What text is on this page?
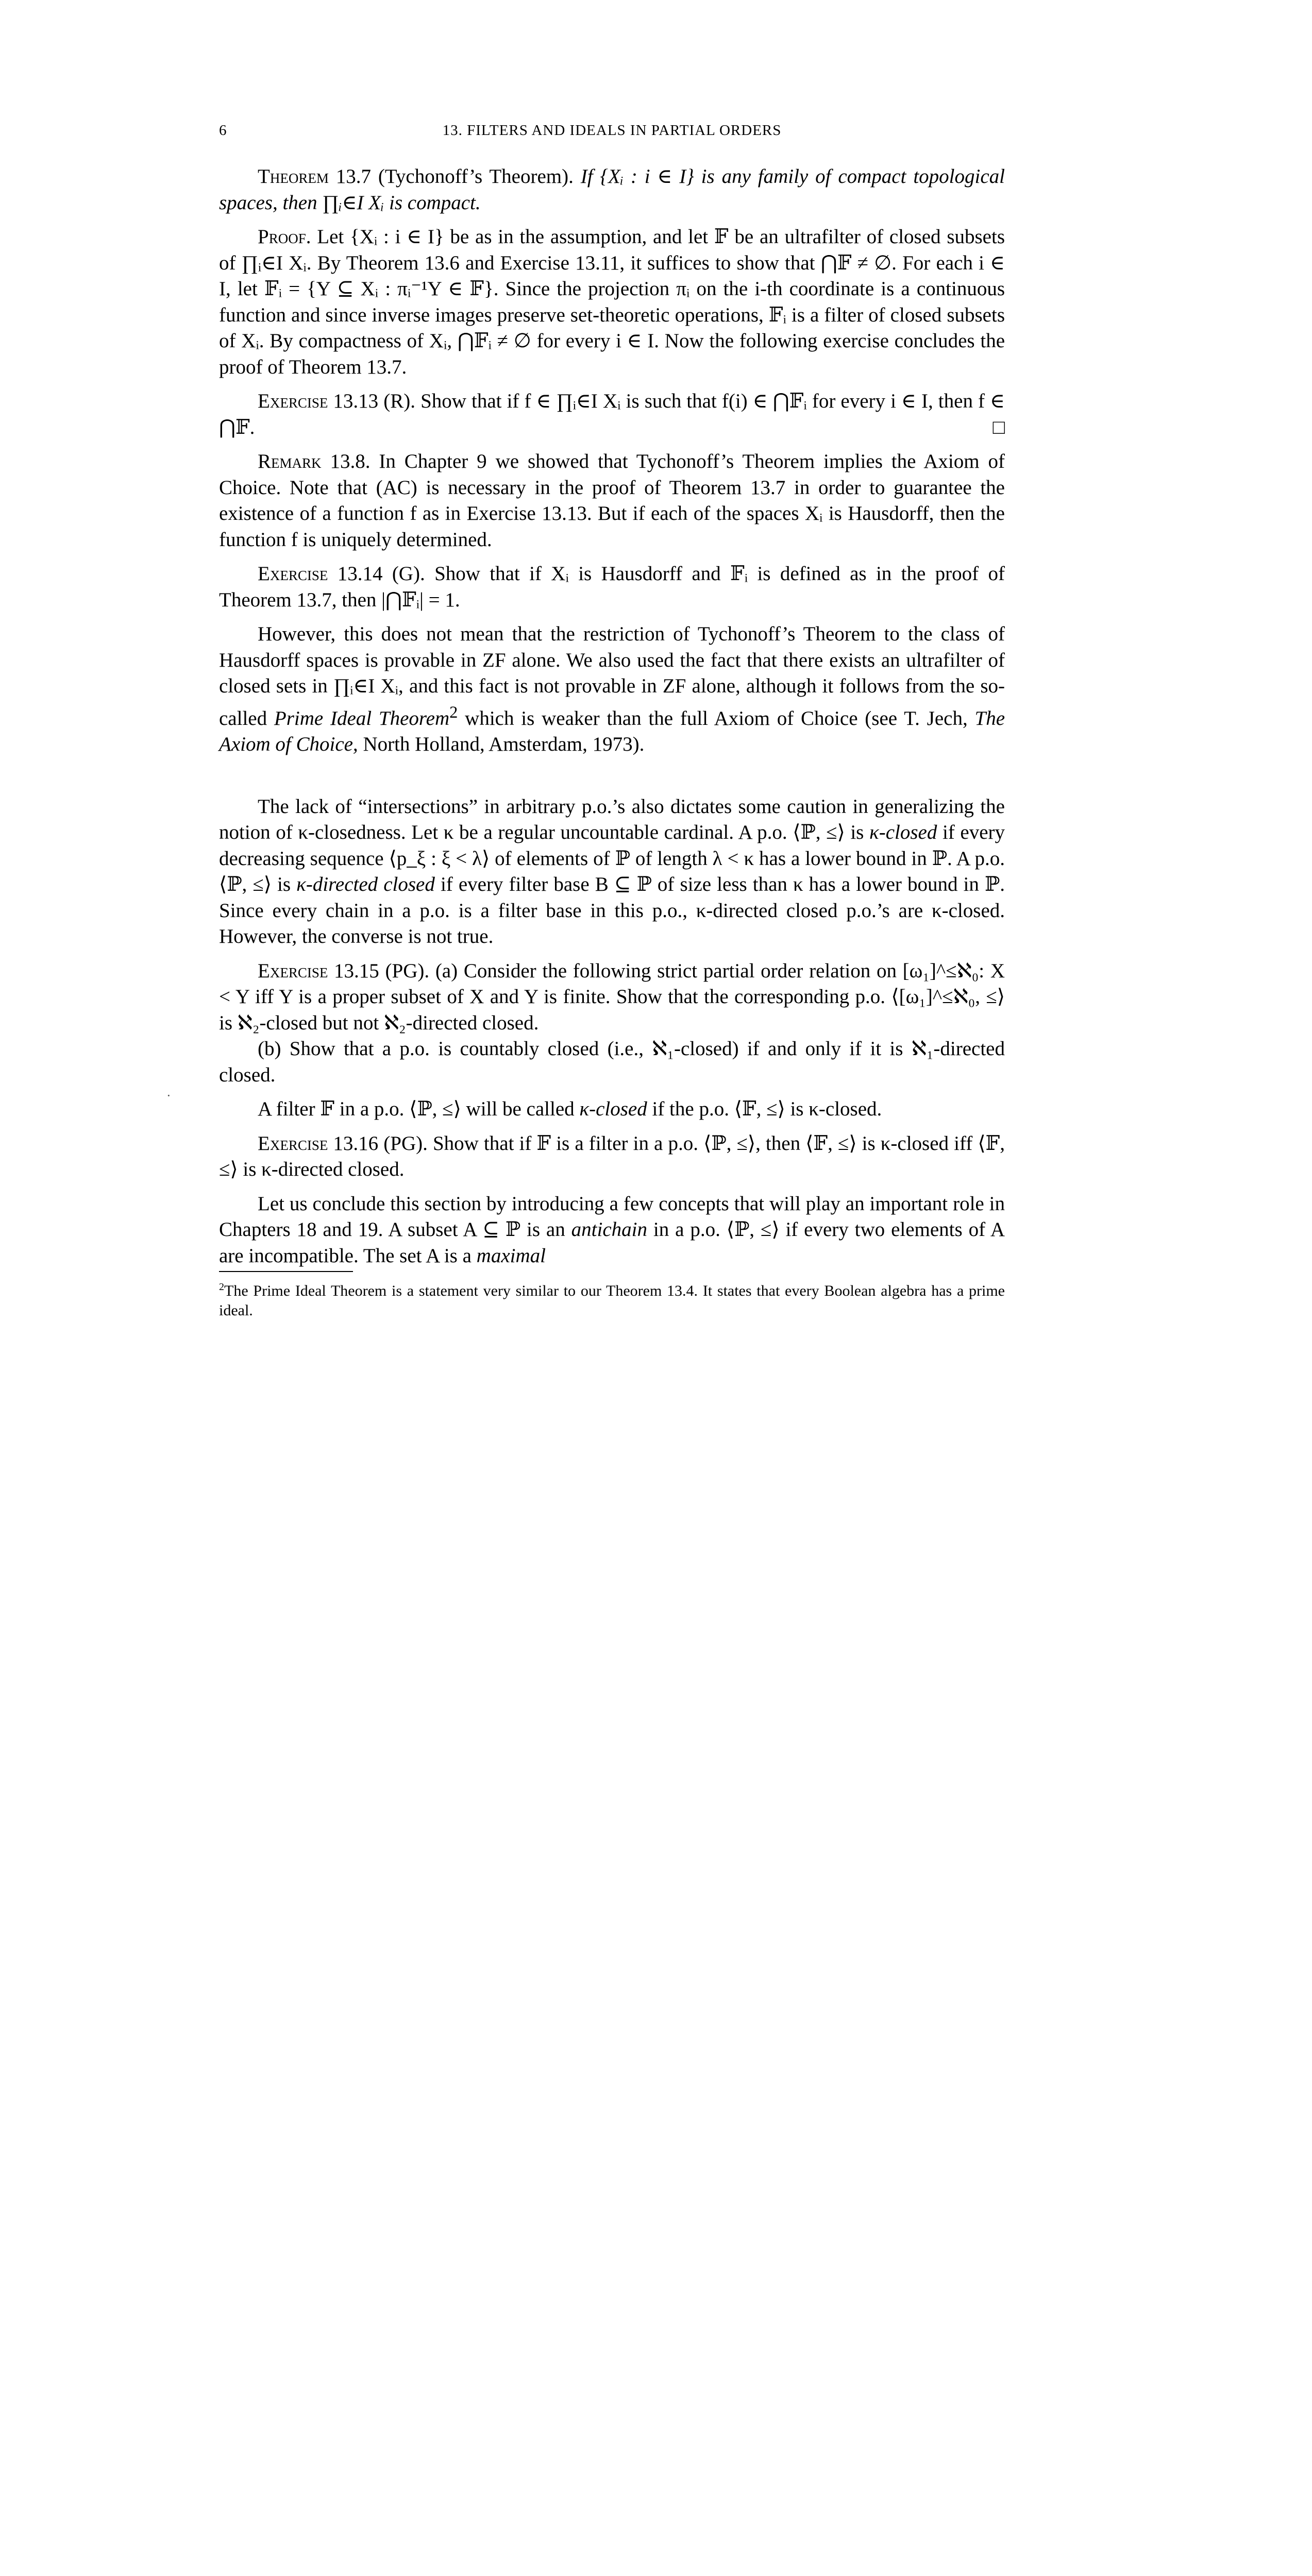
6	13. FILTERS AND IDEALS IN PARTIAL ORDERS

Theorem 13.7 (Tychonoff’s Theorem). If {Xᵢ : i ∈ I} is any family of compact topological spaces, then ∏ᵢ∈I Xᵢ is compact.

Proof. Let {Xᵢ : i ∈ I} be as in the assumption, and let 𝔽 be an ultrafilter of closed subsets of ∏ᵢ∈I Xᵢ. By Theorem 13.6 and Exercise 13.11, it suffices to show that ⋂𝔽 ≠ ∅. For each i ∈ I, let 𝔽ᵢ = {Y ⊆ Xᵢ : πᵢ⁻¹Y ∈ 𝔽}. Since the projection πᵢ on the i-th coordinate is a continuous function and since inverse images preserve set-theoretic operations, 𝔽ᵢ is a filter of closed subsets of Xᵢ. By compactness of Xᵢ, ⋂𝔽ᵢ ≠ ∅ for every i ∈ I. Now the following exercise concludes the proof of Theorem 13.7.

Exercise 13.13 (R). Show that if f ∈ ∏ᵢ∈I Xᵢ is such that f(i) ∈ ⋂𝔽ᵢ for every i ∈ I, then f ∈ ⋂𝔽.	□

Remark 13.8. In Chapter 9 we showed that Tychonoff’s Theorem implies the Axiom of Choice. Note that (AC) is necessary in the proof of Theorem 13.7 in order to guarantee the existence of a function f as in Exercise 13.13. But if each of the spaces Xᵢ is Hausdorff, then the function f is uniquely determined.

Exercise 13.14 (G). Show that if Xᵢ is Hausdorff and 𝔽ᵢ is defined as in the proof of Theorem 13.7, then |⋂𝔽ᵢ| = 1.

However, this does not mean that the restriction of Tychonoff’s Theorem to the class of Hausdorff spaces is provable in ZF alone. We also used the fact that there exists an ultrafilter of closed sets in ∏ᵢ∈I Xᵢ, and this fact is not provable in ZF alone, although it follows from the so-called Prime Ideal Theorem$^2$ which is weaker than the full Axiom of Choice (see T. Jech, The Axiom of Choice, North Holland, Amsterdam, 1973).

The lack of “intersections” in arbitrary p.o.’s also dictates some caution in generalizing the notion of κ-closedness. Let κ be a regular uncountable cardinal. A p.o. ⟨ℙ, ≤⟩ is κ-closed if every decreasing sequence ⟨p_ξ : ξ < λ⟩ of elements of ℙ of length λ < κ has a lower bound in ℙ. A p.o. ⟨ℙ, ≤⟩ is κ-directed closed if every filter base B ⊆ ℙ of size less than κ has a lower bound in ℙ. Since every chain in a p.o. is a filter base in this p.o., κ-directed closed p.o.’s are κ-closed. However, the converse is not true.

Exercise 13.15 (PG). (a) Consider the following strict partial order relation on [ω₁]^≤ℵ₀: X < Y iff Y is a proper subset of X and Y is finite. Show that the corresponding p.o. ⟨[ω₁]^≤ℵ₀, ≤⟩ is ℵ₂-closed but not ℵ₂-directed closed.

(b) Show that a p.o. is countably closed (i.e., ℵ₁-closed) if and only if it is ℵ₁-directed closed.

A filter 𝔽 in a p.o. ⟨ℙ, ≤⟩ will be called κ-closed if the p.o. ⟨𝔽, ≤⟩ is κ-closed.

Exercise 13.16 (PG). Show that if 𝔽 is a filter in a p.o. ⟨ℙ, ≤⟩, then ⟨𝔽, ≤⟩ is κ-closed iff ⟨𝔽, ≤⟩ is κ-directed closed.

Let us conclude this section by introducing a few concepts that will play an important role in Chapters 18 and 19. A subset A ⊆ ℙ is an antichain in a p.o. ⟨ℙ, ≤⟩ if every two elements of A are incompatible. The set A is a maximal

$^2$The Prime Ideal Theorem is a statement very similar to our Theorem 13.4. It states that every Boolean algebra has a prime ideal.

·
